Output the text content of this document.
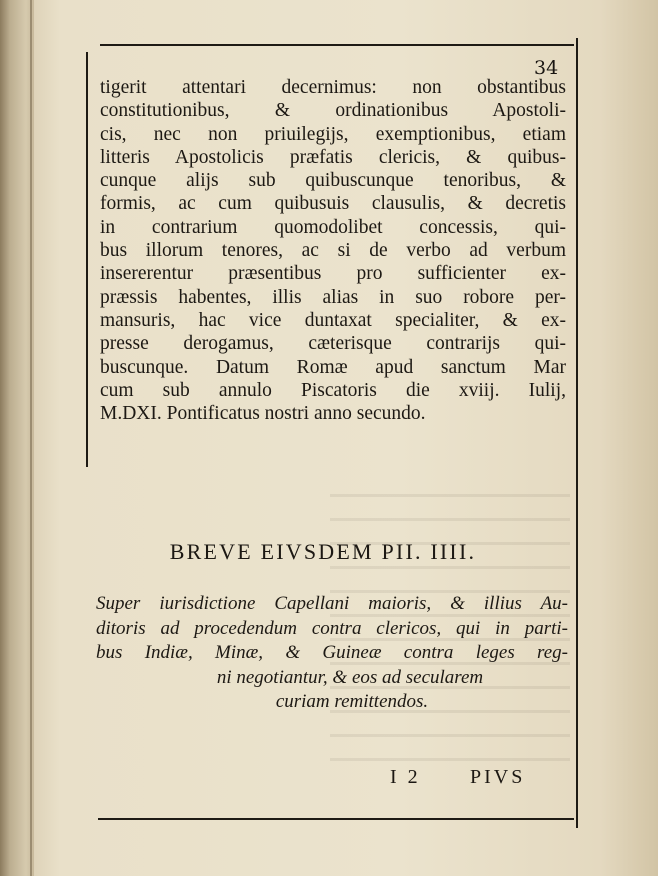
34
tigerit attentari decernimus: non obstantibus
constitutionibus, & ordinationibus Apostoli-
cis, nec non priuilegijs, exemptionibus, etiam
litteris Apostolicis præfatis clericis, & quibus-
cunque alijs sub quibuscunque tenoribus, &
formis, ac cum quibusuis clausulis, & decretis
in contrarium quomodolibet concessis, qui-
bus illorum tenores, ac si de verbo ad verbum
insererentur præsentibus pro sufficienter ex-
præssis habentes, illis alias in suo robore per-
mansuris, hac vice duntaxat specialiter, & ex-
presse derogamus, cæterisque contrarijs qui-
buscunque. Datum Romæ apud sanctum Mar
cum sub annulo Piscatoris die xviij. Iulij,
M.DXI. Pontificatus nostri anno secundo.
BREVE EIVSDEM PII. IIII.
Super iurisdictione Capellani maioris, & illius Au-
ditoris ad procedendum contra clericos, qui in parti-
bus Indiæ, Minæ, & Guineæ contra leges reg-
ni negotiantur, & eos ad secularem
curiam remittendos.
I 2	PIVS
